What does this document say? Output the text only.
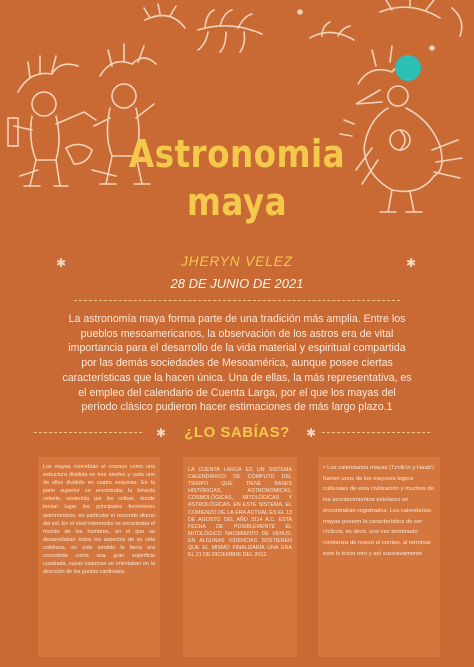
Astronomia
maya
✱	✱
JHERYN VELEZ
28 DE JUNIO DE 2021

La astronomía maya forma parte de una tradición más amplia. Entre los pueblos mesoamericanos, la observación de los astros era de vital importancia para el desarrollo de la vida material y espiritual compartida por las demás sociedades de Mesoamérica, aunque posee ciertas características que la hacen única. Una de ellas, la más representativa, es el empleo del calendario de Cuenta Larga, por el que los mayas del período clásico pudieron hacer estimaciones de más largo plazo.1

✱	✱
¿LO SABÍAS?

Los mayas concebían el cosmos como una estructura dividida en tres niveles y cada uno de ellos dividido en cuatro esquinas. En la parte superior se encontraba la bóveda celeste, sostenida por los ceibas, donde tenían lugar los principales fenómenos astronómicos, en particular el recorrido diurno del sol. En el nivel intermedio se encontraba el mundo de los hombres, en el que se desarrollaban todos los aspectos de su vida cotidiana, en este sentido la tierra era concebida como una gran superficie cuadrada, cuyas esquinas se orientaban en la dirección de los puntos cardinales.

LA CUENTA LARGA ES UN SISTEMA CALENDÁRICO DE CÓMPUTO DEL TIEMPO QUE TIENE BASES HISTÓRICAS, ASTRONÓMICAS, COSMOLÓGICAS, MITOLÓGICAS Y ASTROLÓGICAS. EN ESTE SISTEMA, EL COMIENZO DE LA ERA ACTUAL ES EL 13 DE AGOSTO DEL AÑO 3114 A.C. ESTA FECHA DE POSIBLEMENTE EL MITOLÓGICO NACIMIENTO DE VENUS. EN ALGUNAS VIDENCIAS SOSTIENEN QUE EL MISMO FINALIZARÍA UNA ERA EL 21 DE DICIEMBRE DEL 2012.

• Los calendarios mayas (Tzolk'in y Haab') fueron unos de los mayores logros culturales de esta civilización y muchos de los acontecimientos estelares se encontraban registrados. Los calendarios mayas poseen la característica de ser cíclicos, es decir, uno vez terminado comienza de nuevo el conteo, al terminar este lo inicio otro y así sucesivamente
